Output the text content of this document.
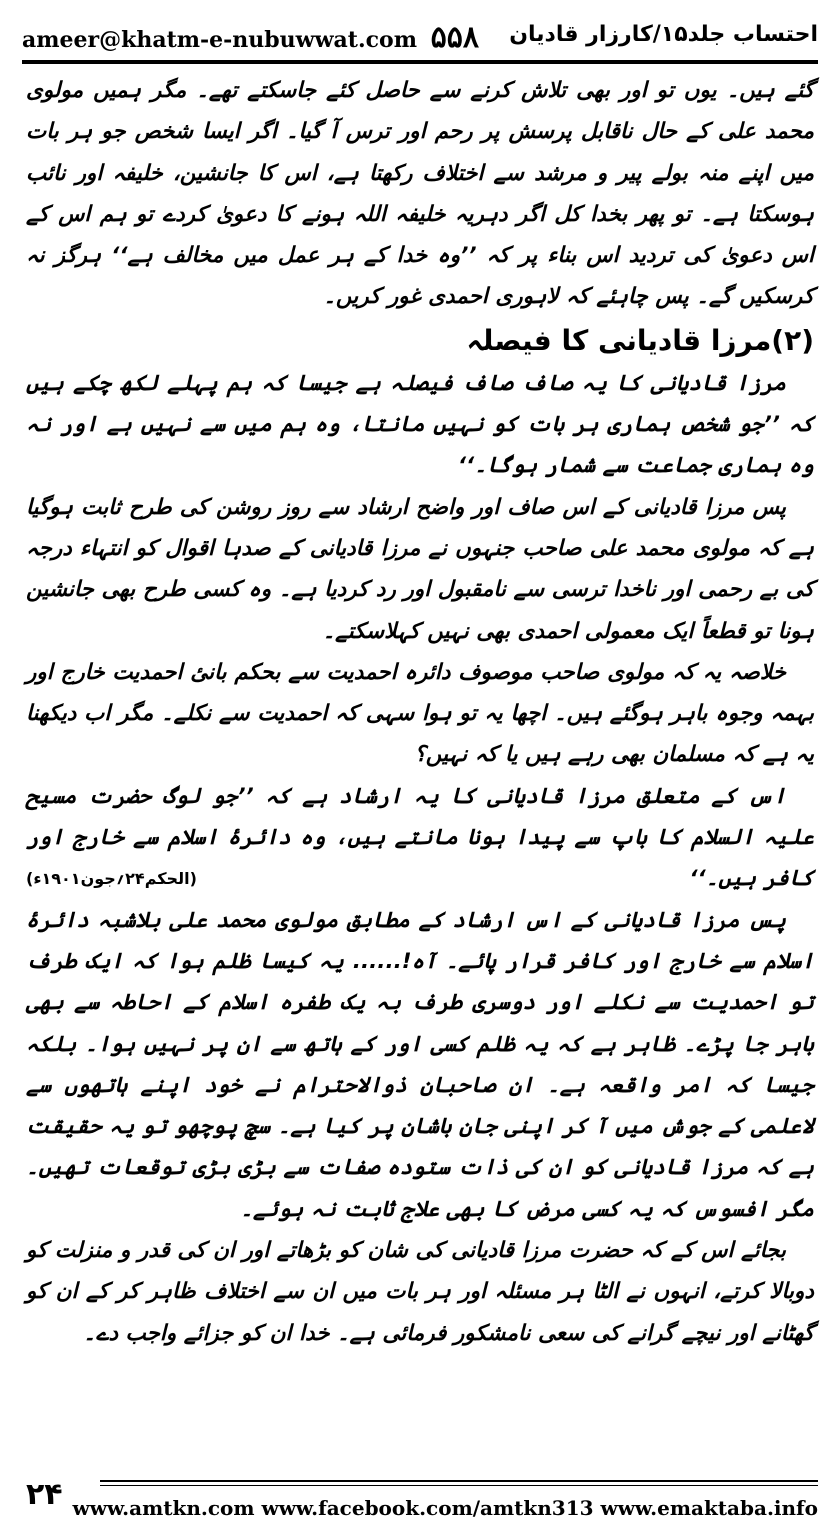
ameer@khatm-e-nubuwwat.com ۵۵۸ احتساب جلد۱۵/کارزار قادیان

گئے ہیں۔ یوں تو اور بھی تلاش کرنے سے حاصل کئے جاسکتے تھے۔ مگر ہمیں مولوی محمد علی کے حال ناقابل پرسش پر رحم اور ترس آ گیا۔ اگر ایسا شخص جو ہر بات میں اپنے منہ بولے پیر و مرشد سے اختلاف رکھتا ہے، اس کا جانشین، خلیفہ اور نائب ہوسکتا ہے۔ تو پھر بخدا کل اگر دہریہ خلیفہ اللہ ہونے کا دعویٰ کردے تو ہم اس کے اس دعویٰ کی تردید اس بناء پر کہ ’’وہ خدا کے ہر عمل میں مخالف ہے‘‘ ہرگز نہ کرسکیں گے۔ پس چاہئے کہ لاہوری احمدی غور کریں۔

(۲)مرزا قادیانی کا فیصلہ

مرزا قادیانی کا یہ صاف صاف فیصلہ ہے جیسا کہ ہم پہلے لکھ چکے ہیں کہ ’’جو شخص ہماری ہر بات کو نہیں مانتا، وہ ہم میں سے نہیں ہے اور نہ وہ ہماری جماعت سے شمار ہوگا۔‘‘

پس مرزا قادیانی کے اس صاف اور واضح ارشاد سے روز روشن کی طرح ثابت ہوگیا ہے کہ مولوی محمد علی صاحب جنہوں نے مرزا قادیانی کے صدہا اقوال کو انتہاء درجہ کی بے رحمی اور ناخدا ترسی سے نامقبول اور رد کردیا ہے۔ وہ کسی طرح بھی جانشین ہونا تو قطعاً ایک معمولی احمدی بھی نہیں کہلاسکتے۔

خلاصہ یہ کہ مولوی صاحب موصوف دائرہ احمدیت سے بحکم بانیٔ احمدیت خارج اور بہمہ وجوہ باہر ہوگئے ہیں۔ اچھا یہ تو ہوا سہی کہ احمدیت سے نکلے۔ مگر اب دیکھنا یہ ہے کہ مسلمان بھی رہے ہیں یا کہ نہیں؟

اس کے متعلق مرزا قادیانی کا یہ ارشاد ہے کہ ’’جو لوگ حضرت مسیح علیہ السلام کا باپ سے پیدا ہونا مانتے ہیں، وہ دائرۂ اسلام سے خارج اور کافر ہیں۔‘‘
(الحکم۲۴؍جون۱۹۰۱ء)

پس مرزا قادیانی کے اس ارشاد کے مطابق مولوی محمد علی بلاشبہ دائرۂ اسلام سے خارج اور کافر قرار پائے۔ آہ!...... یہ کیسا ظلم ہوا کہ ایک طرف تو احمدیت سے نکلے اور دوسری طرف بہ یک طفرہ اسلام کے احاطہ سے بھی باہر جا پڑے۔ ظاہر ہے کہ یہ ظلم کسی اور کے ہاتھ سے ان پر نہیں ہوا۔ بلکہ جیسا کہ امر واقعہ ہے۔ ان صاحبان ذوالاحترام نے خود اپنے ہاتھوں سے لاعلمی کے جوش میں آ کر اپنی جان باشان پر کیا ہے۔ سچ پوچھو تو یہ حقیقت ہے کہ مرزا قادیانی کو ان کی ذات ستودہ صفات سے بڑی بڑی توقعات تھیں۔ مگر افسوس کہ یہ کسی مرض کا بھی علاج ثابت نہ ہوئے۔

بجائے اس کے کہ حضرت مرزا قادیانی کی شان کو بڑھاتے اور ان کی قدر و منزلت کو دوبالا کرتے، انہوں نے الٹا ہر مسئلہ اور ہر بات میں ان سے اختلاف ظاہر کر کے ان کو گھٹانے اور نیچے گرانے کی سعی نامشکور فرمائی ہے۔ خدا ان کو جزائے واجب دے۔

۲۴ www.amtkn.com www.facebook.com/amtkn313 www.emaktaba.info
